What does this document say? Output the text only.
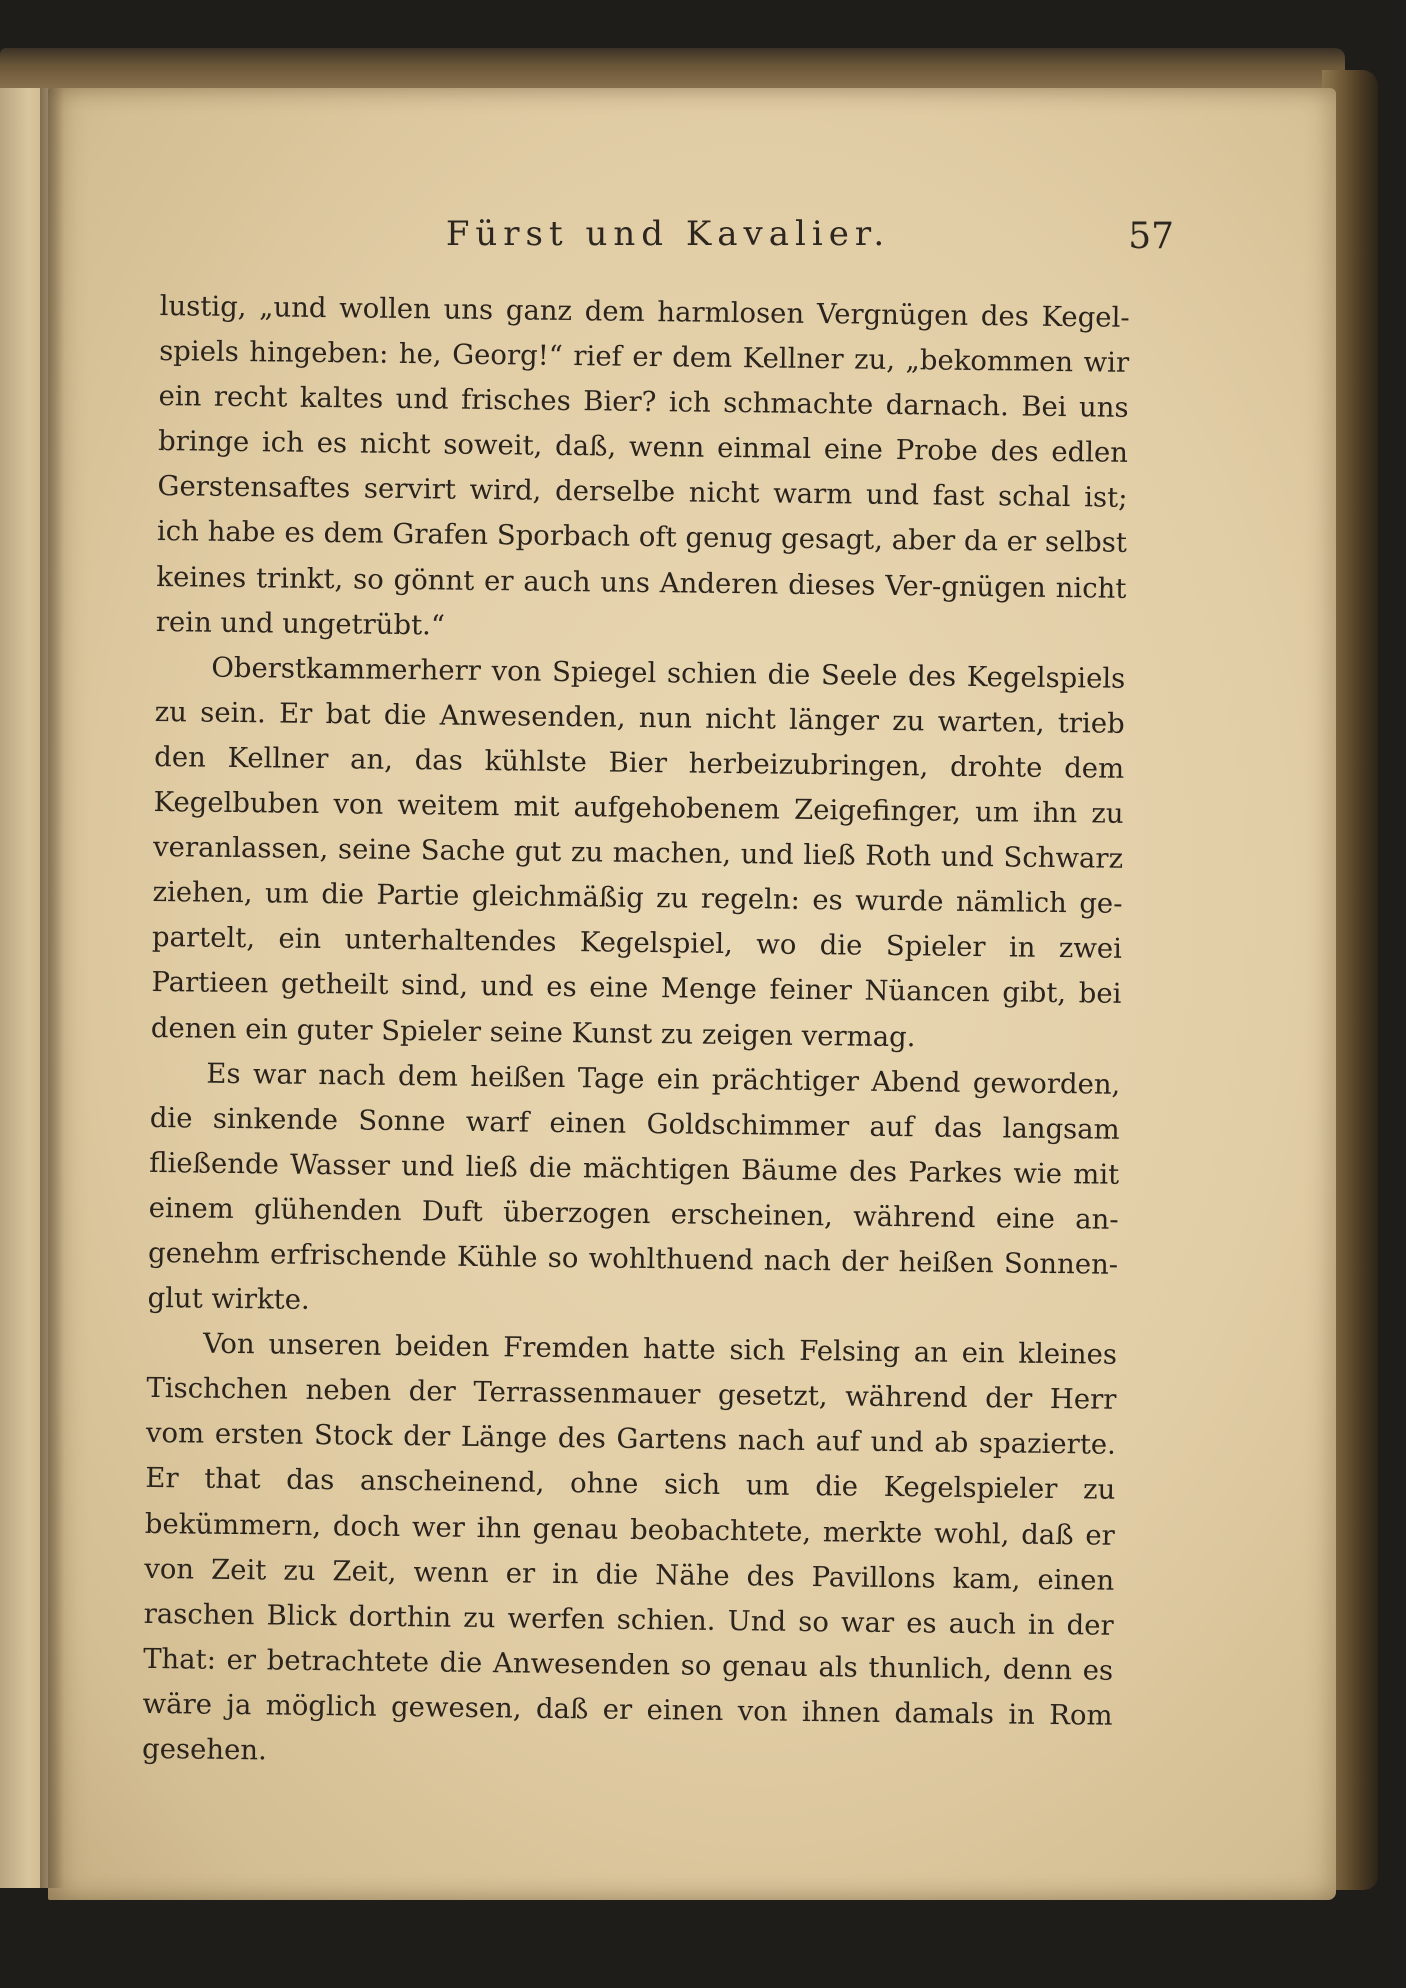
Fürst und Kavalier.	57

lustig, „und wollen uns ganz dem harmlosen Vergnügen des Kegel-spiels hingeben: he, Georg!“ rief er dem Kellner zu, „bekommen wir ein recht kaltes und frisches Bier? ich schmachte darnach. Bei uns bringe ich es nicht soweit, daß, wenn einmal eine Probe des edlen Gerstensaftes servirt wird, derselbe nicht warm und fast schal ist; ich habe es dem Grafen Sporbach oft genug gesagt, aber da er selbst keines trinkt, so gönnt er auch uns Anderen dieses Ver-gnügen nicht rein und ungetrübt.“

Oberstkammerherr von Spiegel schien die Seele des Kegelspiels zu sein. Er bat die Anwesenden, nun nicht länger zu warten, trieb den Kellner an, das kühlste Bier herbeizubringen, drohte dem Kegelbuben von weitem mit aufgehobenem Zeigefinger, um ihn zu veranlassen, seine Sache gut zu machen, und ließ Roth und Schwarz ziehen, um die Partie gleichmäßig zu regeln: es wurde nämlich ge-partelt, ein unterhaltendes Kegelspiel, wo die Spieler in zwei Partieen getheilt sind, und es eine Menge feiner Nüancen gibt, bei denen ein guter Spieler seine Kunst zu zeigen vermag.

Es war nach dem heißen Tage ein prächtiger Abend geworden, die sinkende Sonne warf einen Goldschimmer auf das langsam fließende Wasser und ließ die mächtigen Bäume des Parkes wie mit einem glühenden Duft überzogen erscheinen, während eine an-genehm erfrischende Kühle so wohlthuend nach der heißen Sonnen-glut wirkte.

Von unseren beiden Fremden hatte sich Felsing an ein kleines Tischchen neben der Terrassenmauer gesetzt, während der Herr vom ersten Stock der Länge des Gartens nach auf und ab spazierte. Er that das anscheinend, ohne sich um die Kegelspieler zu bekümmern, doch wer ihn genau beobachtete, merkte wohl, daß er von Zeit zu Zeit, wenn er in die Nähe des Pavillons kam, einen raschen Blick dorthin zu werfen schien. Und so war es auch in der That: er betrachtete die Anwesenden so genau als thunlich, denn es wäre ja möglich gewesen, daß er einen von ihnen damals in Rom gesehen.
